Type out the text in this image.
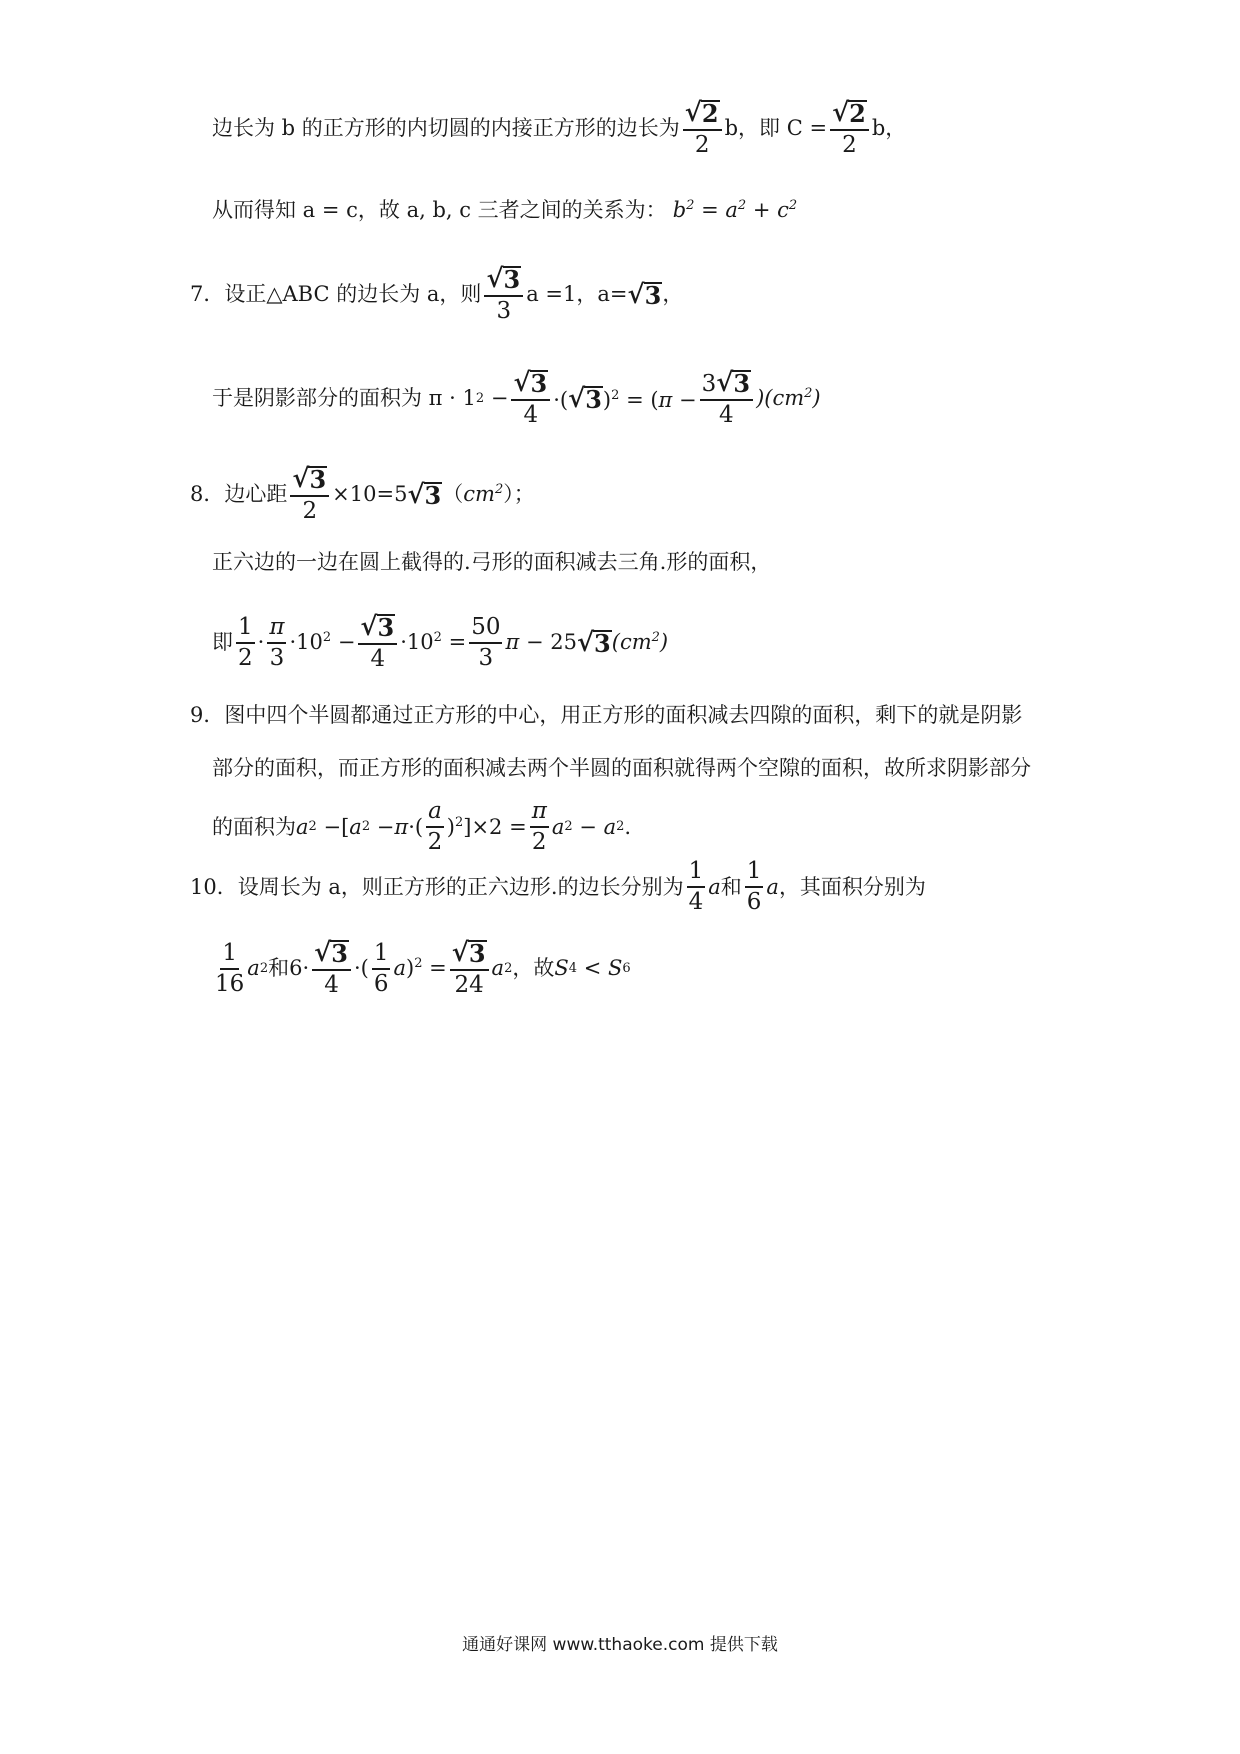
边长为 b 的正方形的内切圆的内接正方形的边长为 $\frac{√ 2}{2}$ b，即 $C = \frac{√ 2}{2}$ b，
从而得知 a = c，故 a, b, c 三者之间的关系为： $b^2 = a^2 + c^2$
7．设正△ABC 的边长为 a，则 $\frac{√ 3}{3}$ a =1，a= √ 3 ，
于是阴影部分的面积为 π · 1 $2 - \frac{√ 3}{4}$ ·( √ 3 )$^2 = (\pi - \frac{3 √ 3}{4} )(cm^2)$
8．边心距 $\frac{√ 3}{2} \times 10=5$ √ 3 （ $cm^2$ ）；
正六边的一边在圆上截得的.弓形的面积减去三角.形的面积，
即 $\frac{1}{2} \cdot \frac{\pi}{3} \cdot 10^2 - \frac{√ 3}{4} \cdot 10^2 = \frac{50}{3}$ π − 25 √ 3 $(cm^2)$
9．图中四个半圆都通过正方形的中心，用正方形的面积减去四隙的面积，剩下的就是阴影
部分的面积，而正方形的面积减去两个半圆的面积就得两个空隙的面积，故所求阴影部分
的面积为 a 2 −[ a 2 − π ·( $\frac{a}{2} )^2]\times 2 = \frac{\pi}{2}$ a 2 − a 2 .
10．设周长为 a，则正方形的正六边形.的边长分别为 $\frac{1}{4}$ a 和 $\frac{1}{6}$ a ，其面积分别为
$\frac{1}{16}$ a 2 和$6\cdot \frac{√ 3}{4}$ ·( $\frac{1}{6}$ a )$^2 = \frac{√ 3}{24}$ a 2 ，故 S 4 < S 6
通通好课网 www.tthaoke.com 提供下载
